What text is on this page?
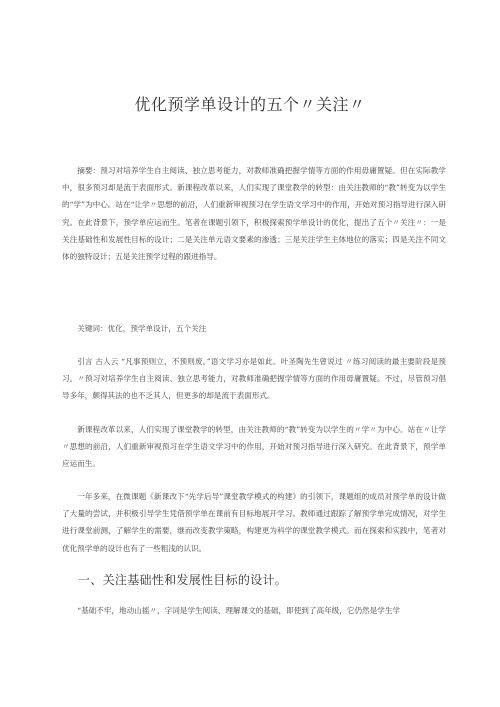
优化预学单设计的五个〃关注〃

摘要：预习对培养学生自主阅读、独立思考能力，对教师准确把握学情等方面的作用毋庸置疑。但在实际教学中，很多预习却是流于表面形式。新课程改革以来，人们实现了课堂教学的转型：由关注教师的“教”转变为以学生的“学”为中心。站在“让学〃思想的前沿，人们重新审视预习在学生语文学习中的作用，开始对预习指导进行深入研究。在此背景下，预学单应运而生。笔者在课题引领下，积极探索预学单设计的优化，提出了五个〃关注〃：一是关注基础性和发展性目标的设计；二是关注单元语文要素的渗透；三是关注学生主体地位的落实；四是关注不同文体的独特设计；五是关注预学过程的跟进指导。

关键词：优化，预学单设计，五个关注

引言 古人云 “凡事预则立，不预则废。”语文学习亦是如此。叶圣陶先生曾说过 〃练习阅读的最主要阶段是预习。〃预习对培养学生自主阅读、独立思考能力，对教师准确把握学情等方面的作用毋庸置疑。不过，尽管预习倡导多年，颇得其法的也不乏其人，但更多的却是流于表面形式。

新课程改革以来，人们实现了课堂教学的转型，由关注教师的“教”转变为以学生的〃学〃为中心。站在〃让学〃思想的前沿，人们重新审视预习在学生语文学习中的作用，开始对预习指导进行深入研究。在此背景下，预学单应运而生。

一年多来，在微课题《新课改下“先学后导”课堂教学模式的构建》的引领下，课题组的成员对预学单的设计做了大量的尝试，并积极引导学生凭借预学单在课前有目标地展开学习。教师通过跟踪了解预学单完成情况，对学生进行课堂前测，了解学生的需要，继而改变教学策略，构建更为科学的课堂教学模式。而在探索和实践中，笔者对优化预学单的设计也有了一些粗浅的认识。

一、关注基础性和发展性目标的设计。

“基础不牢，地动山摇〃，字词是学生阅读、理解课文的基础，即使到了高年级，它仍然是学生学
